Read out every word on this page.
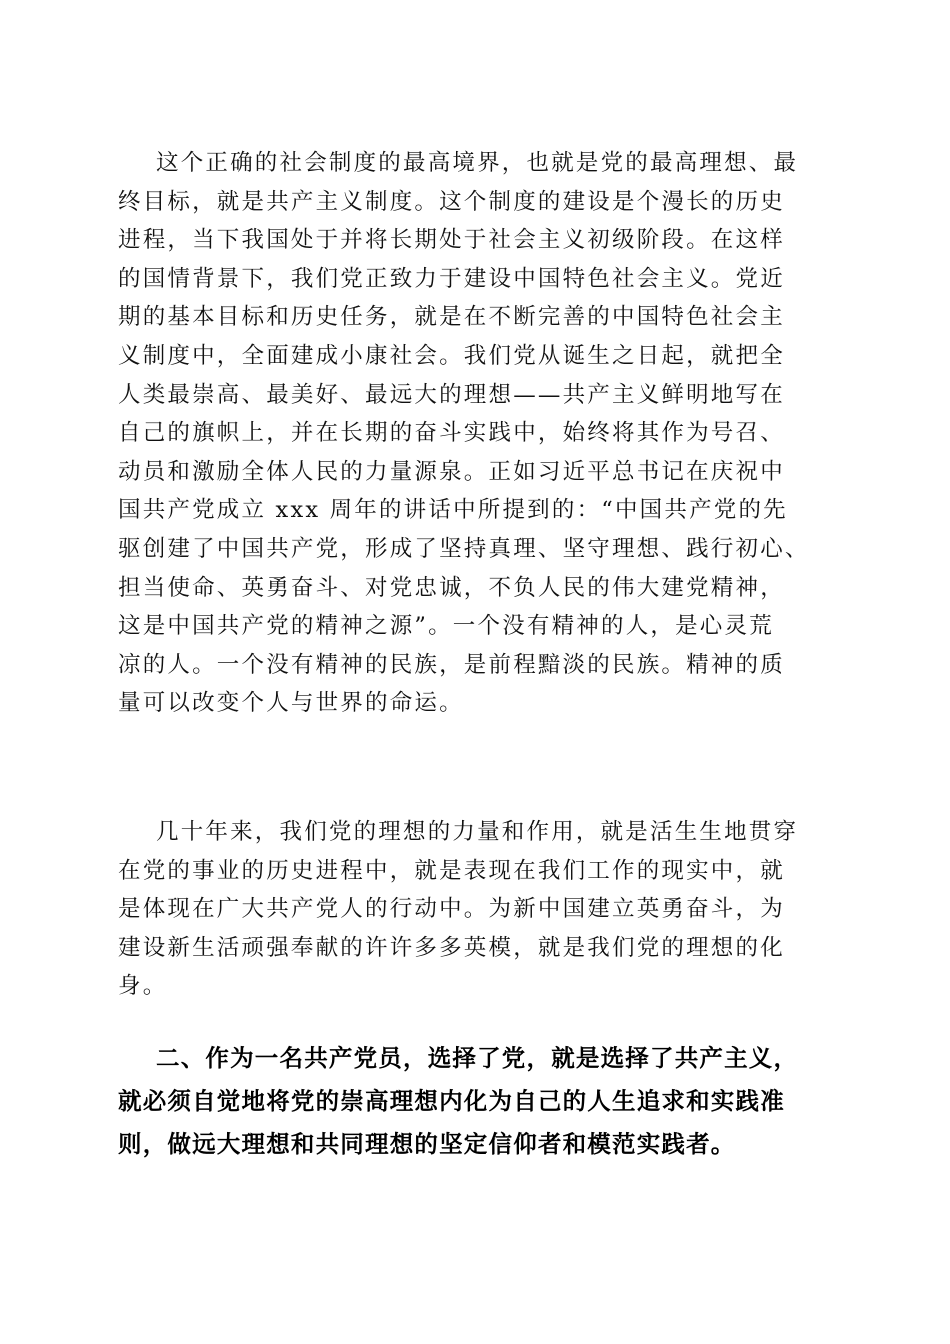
这个正确的社会制度的最高境界，也就是党的最高理想、最
终目标，就是共产主义制度。这个制度的建设是个漫长的历史
进程，当下我国处于并将长期处于社会主义初级阶段。在这样
的国情背景下，我们党正致力于建设中国特色社会主义。党近
期的基本目标和历史任务，就是在不断完善的中国特色社会主
义制度中，全面建成小康社会。我们党从诞生之日起，就把全
人类最崇高、最美好、最远大的理想——共产主义鲜明地写在
自己的旗帜上，并在长期的奋斗实践中，始终将其作为号召、
动员和激励全体人民的力量源泉。正如习近平总书记在庆祝中
国共产党成立 xxx 周年的讲话中所提到的：“中国共产党的先
驱创建了中国共产党，形成了坚持真理、坚守理想、践行初心、
担当使命、英勇奋斗、对党忠诚，不负人民的伟大建党精神，
这是中国共产党的精神之源”。一个没有精神的人，是心灵荒
凉的人。一个没有精神的民族，是前程黯淡的民族。精神的质
量可以改变个人与世界的命运。
几十年来，我们党的理想的力量和作用，就是活生生地贯穿
在党的事业的历史进程中，就是表现在我们工作的现实中，就
是体现在广大共产党人的行动中。为新中国建立英勇奋斗，为
建设新生活顽强奉献的许许多多英模，就是我们党的理想的化
身。
二、作为一名共产党员，选择了党，就是选择了共产主义，
就必须自觉地将党的崇高理想内化为自己的人生追求和实践准
则，做远大理想和共同理想的坚定信仰者和模范实践者。
